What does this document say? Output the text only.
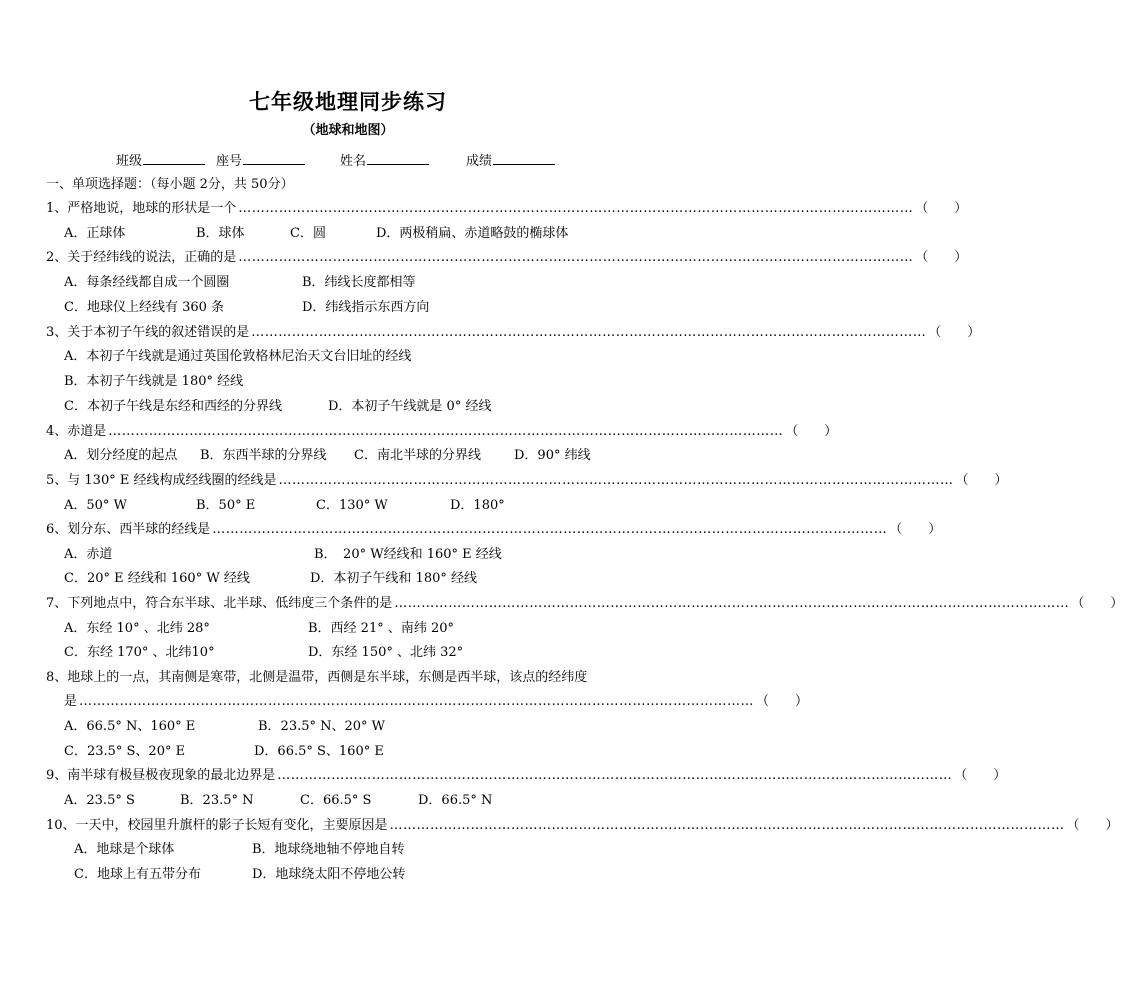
七年级地理同步练习
（地球和地图）
班级	座号	姓名	成绩
一、单项选择题：（每小题 2分，共 50分）
1、严格地说，地球的形状是一个 …………………………………………………………………………………………………………………………………… （　　）
A．正球体	B．球体	C．圆	D．两极稍扁、赤道略鼓的椭球体
2、关于经纬线的说法，正确的是 …………………………………………………………………………………………………………………………………… （　　）
A．每条经线都自成一个圆圈	B．纬线长度都相等
C．地球仪上经线有 360 条	D．纬线指示东西方向
3、关于本初子午线的叙述错误的是 …………………………………………………………………………………………………………………………………… （　　）
A．本初子午线就是通过英国伦敦格林尼治天文台旧址的经线
B．本初子午线就是 180° 经线
C．本初子午线是东经和西经的分界线	D．本初子午线就是 0° 经线
4、赤道是 …………………………………………………………………………………………………………………………………… （　　）
A．划分经度的起点 B．东西半球的分界线 C．南北半球的分界线	D．90° 纬线
5、与 130° E 经线构成经线圈的经线是 …………………………………………………………………………………………………………………………………… （　　）
A．50° W	B．50° E	C．130° W	D．180°
6、划分东、西半球的经线是 …………………………………………………………………………………………………………………………………… （　　）
A．赤道	B．　20° W经线和 160° E 经线
C．20° E 经线和 160° W 经线	D．本初子午线和 180° 经线
7、下列地点中，符合东半球、北半球、低纬度三个条件的是 …………………………………………………………………………………………………………………………………… （　　）
A．东经 10° 、北纬 28°	B．西经 21° 、南纬 20°
C．东经 170° 、北纬10°	D．东经 150° 、北纬 32°
8、地球上的一点，其南侧是寒带，北侧是温带，西侧是东半球，东侧是西半球，该点的经纬度
是 …………………………………………………………………………………………………………………………………… （　　）
A．66.5° N、160° E	B．23.5° N、20° W
C．23.5° S、20° E	D．66.5° S、160° E
9、南半球有极昼极夜现象的最北边界是 …………………………………………………………………………………………………………………………………… （　　）
A．23.5° S	B．23.5° N	C．66.5° S	D．66.5° N
10、一天中，校园里升旗杆的影子长短有变化，主要原因是 …………………………………………………………………………………………………………………………………… （　　）
A．地球是个球体	B．地球绕地轴不停地自转
C．地球上有五带分布	D．地球绕太阳不停地公转
